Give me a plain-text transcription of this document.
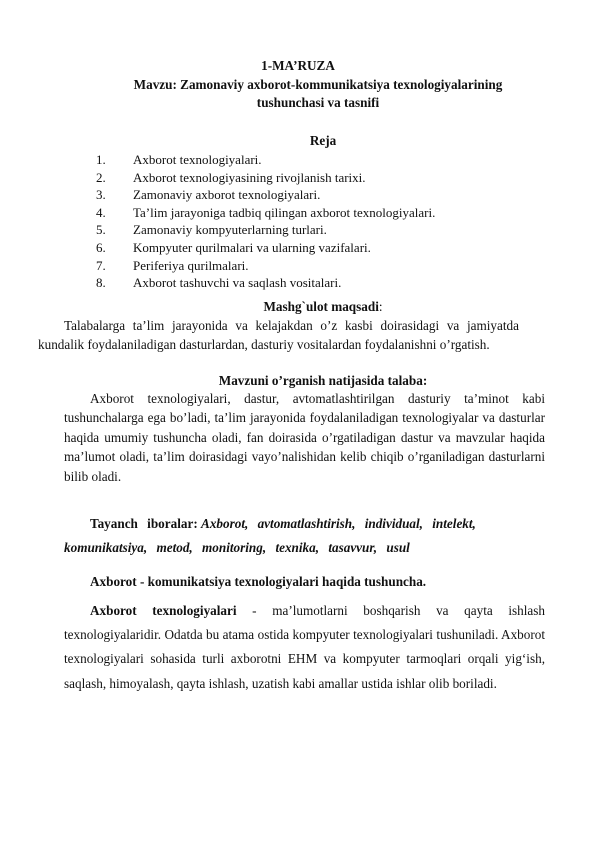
1-MA’RUZA
Mavzu: Zamonaviy axborot-kommunikatsiya texnologiyalarining
tushunchasi va tasnifi
Reja
1.	Axborot texnologiyalari.
2.	Axborot texnologiyasining rivojlanish tarixi.
3.	Zamonaviy axborot texnologiyalari.
4.	Ta’lim jarayoniga tadbiq qilingan axborot texnologiyalari.
5.	Zamonaviy kompyuterlarning turlari.
6.	Kompyuter qurilmalari va ularning vazifalari.
7.	Periferiya qurilmalari.
8.	Axborot tashuvchi va saqlash vositalari.
Mashg`ulot maqsadi:
Talabalarga ta’lim jarayonida va kelajakdan o’z kasbi doirasidagi va jamiyatda kundalik foydalaniladigan dasturlardan, dasturiy vositalardan foydalanishni o’rgatish.
Mavzuni o’rganish natijasida talaba:
Axborot texnologiyalari, dastur, avtomatlashtirilgan dasturiy ta’minot kabi tushunchalarga ega bo’ladi, ta’lim jarayonida foydalaniladigan texnologiyalar va dasturlar haqida umumiy tushuncha oladi, fan doirasida o’rgatiladigan dastur va mavzular haqida ma’lumot oladi, ta’lim doirasidagi vayo’nalishidan kelib chiqib o’rganiladigan dasturlarni bilib oladi.
Tayanch iboralar: Axborot, avtomatlashtirish, individual, intelekt, komunikatsiya, metod, monitoring, texnika, tasavvur, usul
Axborot - komunikatsiya texnologiyalari haqida tushuncha.
Axborot texnologiyalari - ma’lumotlarni boshqarish va qayta ishlash texnologiyalaridir. Odatda bu atama ostida kompyuter texnologiyalari tushuniladi. Axborot texnologiyalari sohasida turli axborotni EHM va kompyuter tarmoqlari orqali yig‘ish, saqlash, himoyalash, qayta ishlash, uzatish kabi amallar ustida ishlar olib boriladi.
